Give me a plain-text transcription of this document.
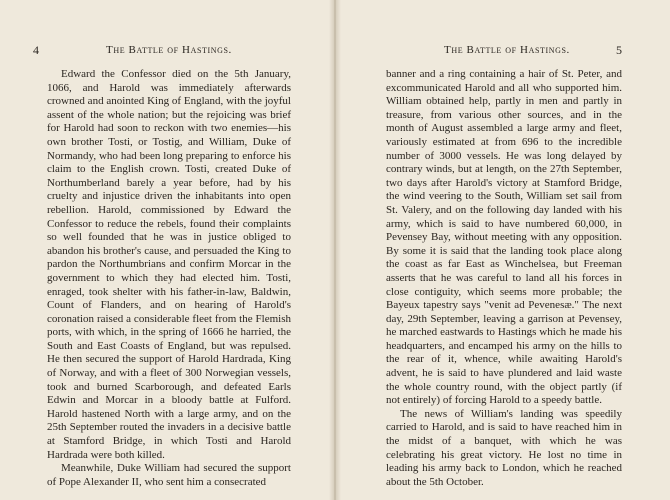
4	The Battle of Hastings.

Edward the Confessor died on the 5th January, 1066, and Harold was immediately afterwards crowned and anointed King of England, with the joyful assent of the whole nation; but the rejoicing was brief for Harold had soon to reckon with two enemies—his own brother Tosti, or Tostig, and William, Duke of Normandy, who had been long preparing to enforce his claim to the English crown. Tosti, created Duke of Northumberland barely a year before, had by his cruelty and injustice driven the inhabitants into open rebellion. Harold, commissioned by Edward the Confessor to reduce the rebels, found their complaints so well founded that he was in justice obliged to abandon his brother's cause, and persuaded the King to pardon the Northumbrians and confirm Morcar in the government to which they had elected him. Tosti, enraged, took shelter with his father-in-law, Baldwin, Count of Flanders, and on hearing of Harold's coronation raised a considerable fleet from the Flemish ports, with which, in the spring of 1666 he harried, the South and East Coasts of England, but was repulsed. He then secured the support of Harold Hardrada, King of Norway, and with a fleet of 300 Norwegian vessels, took and burned Scarborough, and defeated Earls Edwin and Morcar in a bloody battle at Fulford. Harold hastened North with a large army, and on the 25th September routed the invaders in a decisive battle at Stamford Bridge, in which Tosti and Harold Hardrada were both killed.

Meanwhile, Duke William had secured the support of Pope Alexander II, who sent him a consecrated

The Battle of Hastings.	5

banner and a ring containing a hair of St. Peter, and excommunicated Harold and all who supported him. William obtained help, partly in men and partly in treasure, from various other sources, and in the month of August assembled a large army and fleet, variously estimated at from 696 to the incredible number of 3000 vessels. He was long delayed by contrary winds, but at length, on the 27th September, two days after Harold's victory at Stamford Bridge, the wind veering to the South, William set sail from St. Valery, and on the following day landed with his army, which is said to have numbered 60,000, in Pevensey Bay, without meeting with any opposition. By some it is said that the landing took place along the coast as far East as Winchelsea, but Freeman asserts that he was careful to land all his forces in close contiguity, which seems more probable; the Bayeux tapestry says "venit ad Pevenesæ." The next day, 29th September, leaving a garrison at Pevensey, he marched eastwards to Hastings which he made his headquarters, and encamped his army on the hills to the rear of it, whence, while awaiting Harold's advent, he is said to have plundered and laid waste the whole country round, with the object partly (if not entirely) of forcing Harold to a speedy battle.

The news of William's landing was speedily carried to Harold, and is said to have reached him in the midst of a banquet, with which he was celebrating his great victory. He lost no time in leading his army back to London, which he reached about the 5th October.
